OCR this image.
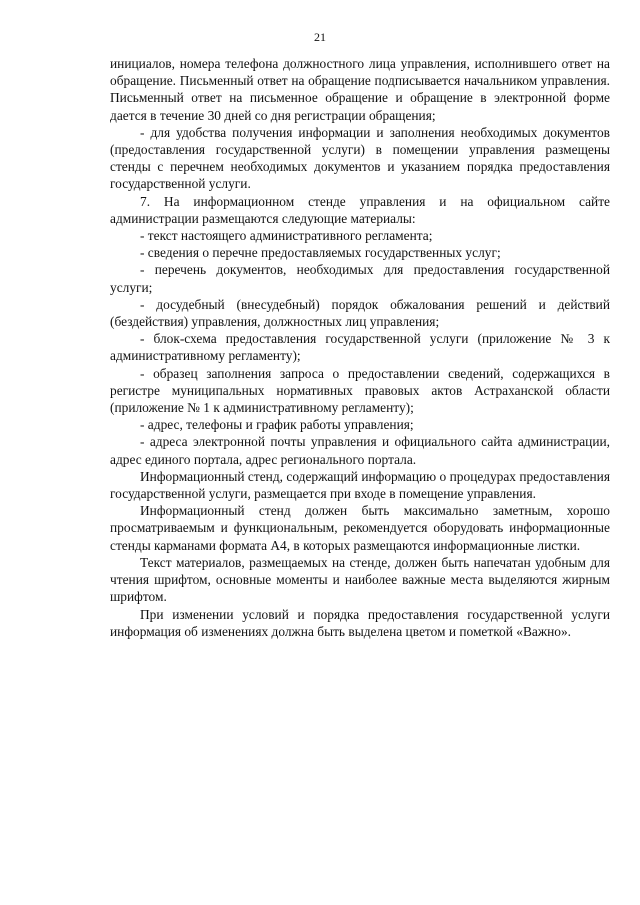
21

инициалов, номера телефона должностного лица управления, исполнившего ответ на обращение. Письменный ответ на обращение подписывается начальником управления. Письменный ответ на письменное обращение и обращение в электронной форме дается в течение 30 дней со дня регистрации обращения;

- для удобства получения информации и заполнения необходимых документов (предоставления государственной услуги) в помещении управления размещены стенды с перечнем необходимых документов и указанием порядка предоставления государственной услуги.

7. На информационном стенде управления и на официальном сайте администрации размещаются следующие материалы:

- текст настоящего административного регламента;

- сведения о перечне предоставляемых государственных услуг;

- перечень документов, необходимых для предоставления государственной услуги;

- досудебный (внесудебный) порядок обжалования решений и действий (бездействия) управления, должностных лиц управления;

- блок-схема предоставления государственной услуги (приложение № 3 к административному регламенту);

- образец заполнения запроса о предоставлении сведений, содержащихся в регистре муниципальных нормативных правовых актов Астраханской области (приложение № 1 к административному регламенту);

- адрес, телефоны и график работы управления;

- адреса электронной почты управления и официального сайта администрации, адрес единого портала, адрес регионального портала.

Информационный стенд, содержащий информацию о процедурах предоставления государственной услуги, размещается при входе в помещение управления.

Информационный стенд должен быть максимально заметным, хорошо просматриваемым и функциональным, рекомендуется оборудовать информационные стенды карманами формата А4, в которых размещаются информационные листки.

Текст материалов, размещаемых на стенде, должен быть напечатан удобным для чтения шрифтом, основные моменты и наиболее важные места выделяются жирным шрифтом.

При изменении условий и порядка предоставления государственной услуги информация об изменениях должна быть выделена цветом и пометкой «Важно».
